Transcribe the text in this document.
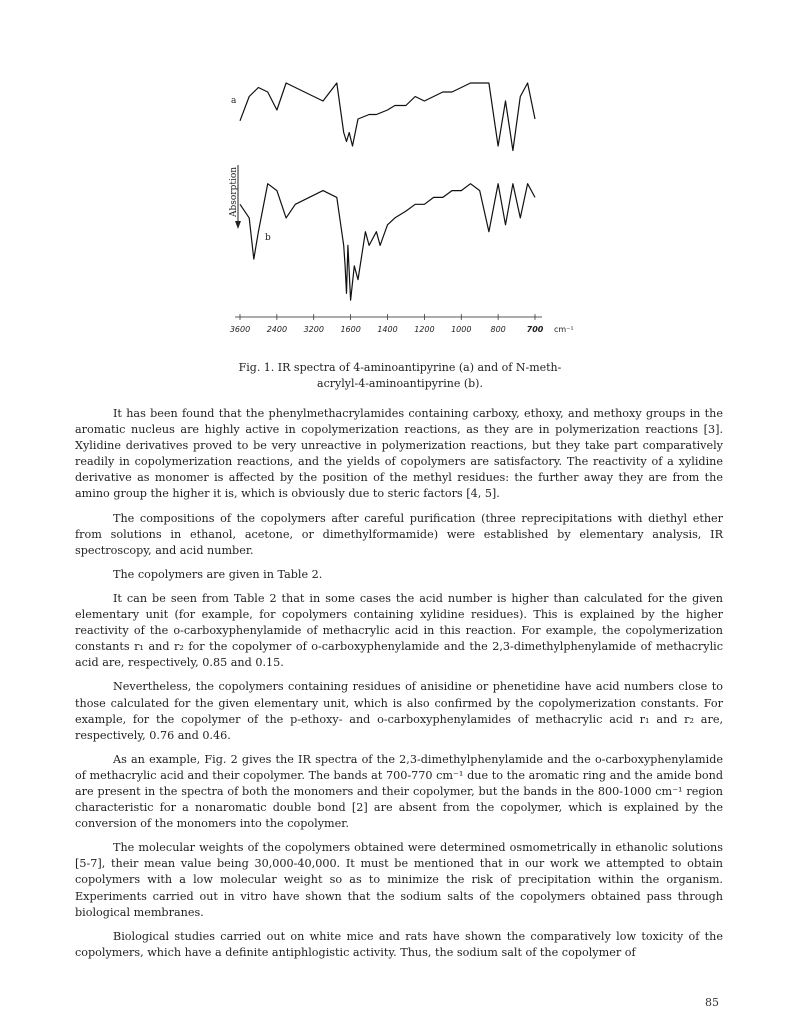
Absorption
a
b
3600 2400 3200 1600 1400 1200 1000 800	700 cm⁻¹
Fig. 1. IR spectra of 4-aminoantipyrine (a) and of N-meth-
acrylyl-4-aminoantipyrine (b).

It has been found that the phenylmethacrylamides containing carboxy, ethoxy, and methoxy groups in the aromatic nucleus are highly active in copolymerization reactions, as they are in polymerization reactions [3]. Xylidine derivatives proved to be very unreactive in polymerization reactions, but they take part comparatively readily in copolymerization reactions, and the yields of copolymers are satisfactory. The reactivity of a xylidine derivative as monomer is affected by the position of the methyl residues: the further away they are from the amino group the higher it is, which is obviously due to steric factors [4, 5].

The compositions of the copolymers after careful purification (three reprecipitations with diethyl ether from solutions in ethanol, acetone, or dimethylformamide) were established by elementary analysis, IR spectroscopy, and acid number.

The copolymers are given in Table 2.

It can be seen from Table 2 that in some cases the acid number is higher than calculated for the given elementary unit (for example, for copolymers containing xylidine residues). This is explained by the higher reactivity of the o-carboxyphenylamide of methacrylic acid in this reaction. For example, the copolymerization constants r₁ and r₂ for the copolymer of o-carboxyphenylamide and the 2,3-dimethylphenylamide of methacrylic acid are, respectively, 0.85 and 0.15.

Nevertheless, the copolymers containing residues of anisidine or phenetidine have acid numbers close to those calculated for the given elementary unit, which is also confirmed by the copolymerization constants. For example, for the copolymer of the p-ethoxy- and o-carboxyphenylamides of methacrylic acid r₁ and r₂ are, respectively, 0.76 and 0.46.

As an example, Fig. 2 gives the IR spectra of the 2,3-dimethylphenylamide and the o-carboxyphenylamide of methacrylic acid and their copolymer. The bands at 700-770 cm⁻¹ due to the aromatic ring and the amide bond are present in the spectra of both the monomers and their copolymer, but the bands in the 800-1000 cm⁻¹ region characteristic for a nonaromatic double bond [2] are absent from the copolymer, which is explained by the conversion of the monomers into the copolymer.

The molecular weights of the copolymers obtained were determined osmometrically in ethanolic solutions [5-7], their mean value being 30,000-40,000. It must be mentioned that in our work we attempted to obtain copolymers with a low molecular weight so as to minimize the risk of precipitation within the organism. Experiments carried out in vitro have shown that the sodium salts of the copolymers obtained pass through biological membranes.

Biological studies carried out on white mice and rats have shown the comparatively low toxicity of the copolymers, which have a definite antiphlogistic activity. Thus, the sodium salt of the copolymer of

85
